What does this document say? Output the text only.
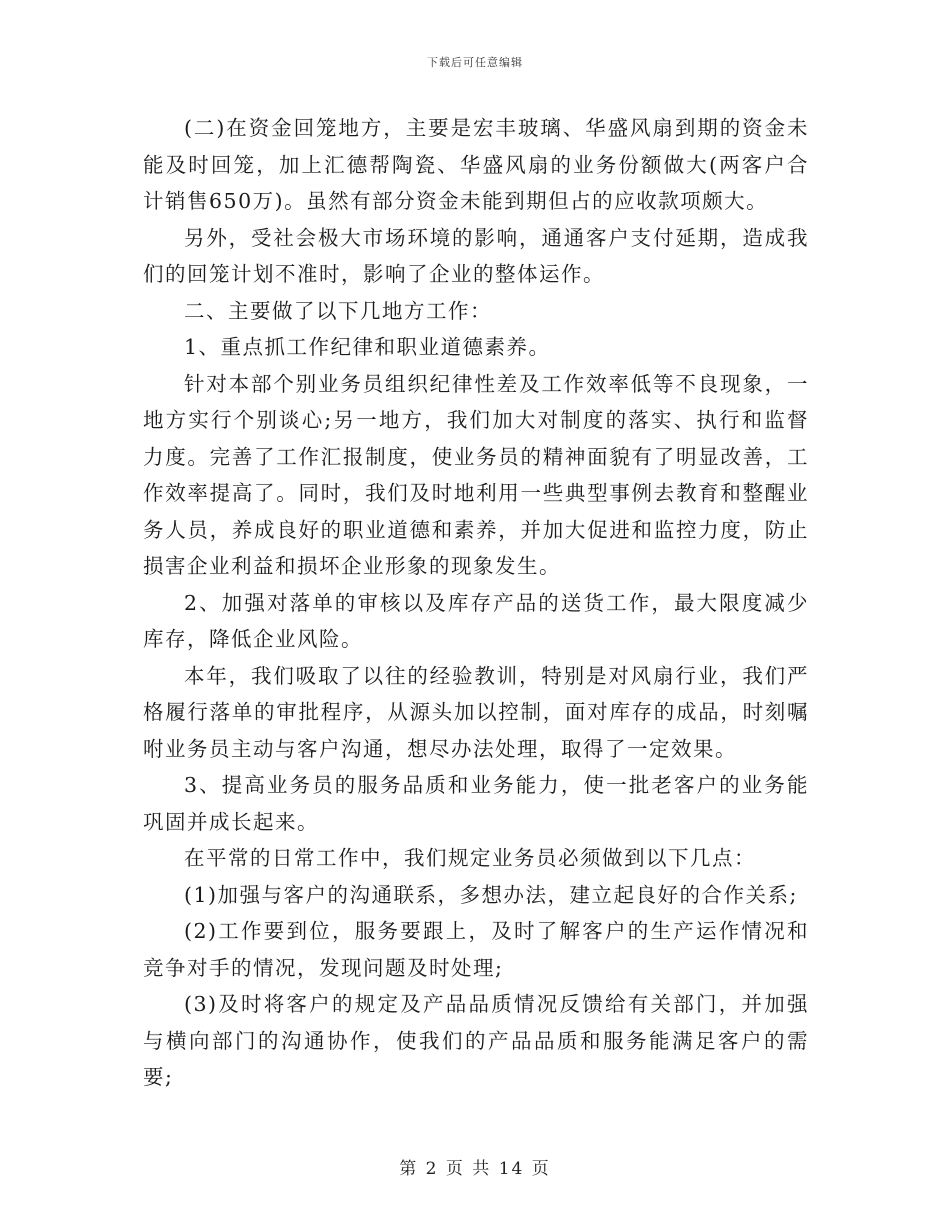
下载后可任意编辑

(二)在资金回笼地方，主要是宏丰玻璃、华盛风扇到期的资金未能及时回笼，加上汇德帮陶瓷、华盛风扇的业务份额做大(两客户合计销售650万)。虽然有部分资金未能到期但占的应收款项颇大。

另外，受社会极大市场环境的影响，通通客户支付延期，造成我们的回笼计划不准时，影响了企业的整体运作。

二、主要做了以下几地方工作：

1、重点抓工作纪律和职业道德素养。

针对本部个别业务员组织纪律性差及工作效率低等不良现象，一地方实行个别谈心;另一地方，我们加大对制度的落实、执行和监督力度。完善了工作汇报制度，使业务员的精神面貌有了明显改善，工作效率提高了。同时，我们及时地利用一些典型事例去教育和整醒业务人员，养成良好的职业道德和素养，并加大促进和监控力度，防止损害企业利益和损坏企业形象的现象发生。

2、加强对落单的审核以及库存产品的送货工作，最大限度减少库存，降低企业风险。

本年，我们吸取了以往的经验教训，特别是对风扇行业，我们严格履行落单的审批程序，从源头加以控制，面对库存的成品，时刻嘱咐业务员主动与客户沟通，想尽办法处理，取得了一定效果。

3、提高业务员的服务品质和业务能力，使一批老客户的业务能巩固并成长起来。

在平常的日常工作中，我们规定业务员必须做到以下几点：

(1)加强与客户的沟通联系，多想办法，建立起良好的合作关系;

(2)工作要到位，服务要跟上，及时了解客户的生产运作情况和竞争对手的情况，发现问题及时处理;

(3)及时将客户的规定及产品品质情况反馈给有关部门，并加强与横向部门的沟通协作，使我们的产品品质和服务能满足客户的需要;

第 2 页 共 14 页
